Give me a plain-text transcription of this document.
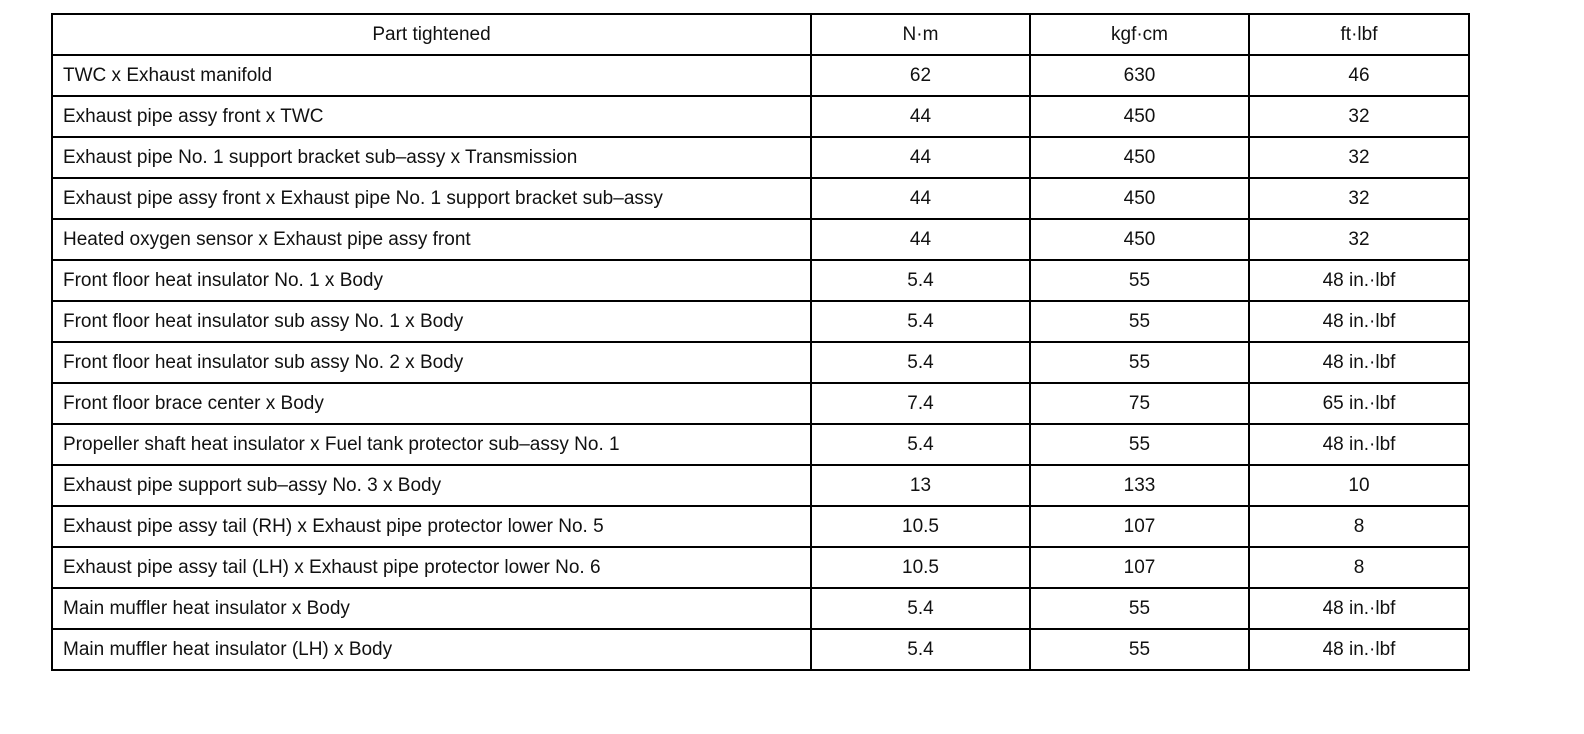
Part tightened	N·m	kgf·cm	ft·lbf
TWC x Exhaust manifold	62	630	46
Exhaust pipe assy front x TWC	44	450	32
Exhaust pipe No. 1 support bracket sub–assy x Transmission	44	450	32
Exhaust pipe assy front x Exhaust pipe No. 1 support bracket sub–assy	44	450	32
Heated oxygen sensor x Exhaust pipe assy front	44	450	32
Front floor heat insulator No. 1 x Body	5.4	55	48 in.·lbf
Front floor heat insulator sub assy No. 1 x Body	5.4	55	48 in.·lbf
Front floor heat insulator sub assy No. 2 x Body	5.4	55	48 in.·lbf
Front floor brace center x Body	7.4	75	65 in.·lbf
Propeller shaft heat insulator x Fuel tank protector sub–assy No. 1	5.4	55	48 in.·lbf
Exhaust pipe support sub–assy No. 3 x Body	13	133	10
Exhaust pipe assy tail (RH) x Exhaust pipe protector lower No. 5	10.5	107	8
Exhaust pipe assy tail (LH) x Exhaust pipe protector lower No. 6	10.5	107	8
Main muffler heat insulator x Body	5.4	55	48 in.·lbf
Main muffler heat insulator (LH) x Body	5.4	55	48 in.·lbf
